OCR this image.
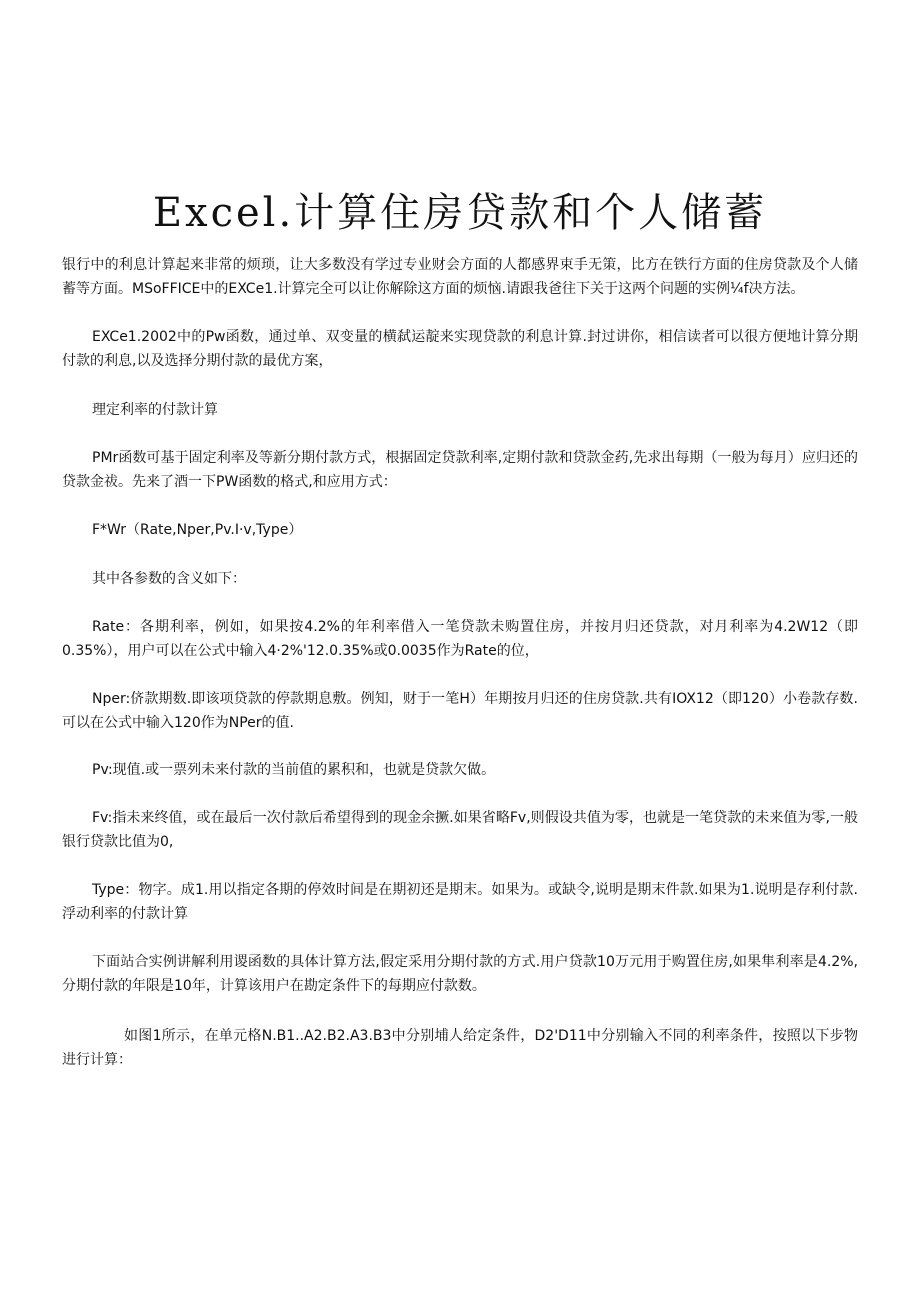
Excel.计算住房贷款和个人储蓄

银行中的利息计算起来非常的烦琐，让大多数没有学过专业财会方面的人都感界束手无策，比方在铁行方面的住房贷款及个人储蓄等方面。MSoFFICE中的EXCe1.计算完全可以让你解除这方面的烦恼.请跟我爸往下关于这两个问题的实例¼f决方法。

EXCe1.2002中的Pw函数，通过单、双变量的横弑运靛来实现贷款的利息计算.封过讲你，相信读者可以很方便地计算分期付款的利息,以及选择分期付款的最优方案，

理定利率的付款计算

PMr函数可基于固定利率及等新分期付款方式，根据固定贷款利率,定期付款和贷款金药,先求出每期（一般为每月）应归还的贷款金祓。先来了酒一下PW函数的格式,和应用方式：

F*Wr（Rate,Nper,Pv.I·v,Type）

其中各参数的含义如下：

Rate：各期利率，例如，如果按4.2%的年利率借入一笔贷款未购置住房，并按月归还贷款，对月利率为4.2W12（即0.35%），用户可以在公式中输入4·2%'12.0.35%或0.0035作为Rate的位，

Nper:侪款期数.即该项贷款的停款期息敷。例知，财于一笔H）年期按月归还的住房贷款.共有IOX12（即120）小卷款存数.可以在公式中输入120作为NPer的值.

Pv:现值.或一票列未来付款的当前值的累积和，也就是贷款欠做。

Fv:指未来终值，或在最后一次付款后希望得到的现金余撅.如果省略Fv,则假设共值为零，也就是一笔贷款的未来值为零,一般银行贷款比值为0,

Type：物字。成1.用以指定各期的停效时间是在期初还是期末。如果为。或缺令,说明是期末件款.如果为1.说明是存利付款.浮动利率的付款计算

下面站合实例讲解利用谡函数的具体计算方法,假定采用分期付款的方式.用户贷款10万元用于购置住房,如果隼利率是4.2%,分期付款的年限是10年，计算该用户在勘定条件下的每期应付款数。

如图1所示，在单元格N.B1..A2.B2.A3.B3中分别埔人给定条件，D2'D11中分别输入不同的利率条件，按照以下步物进行计算：
